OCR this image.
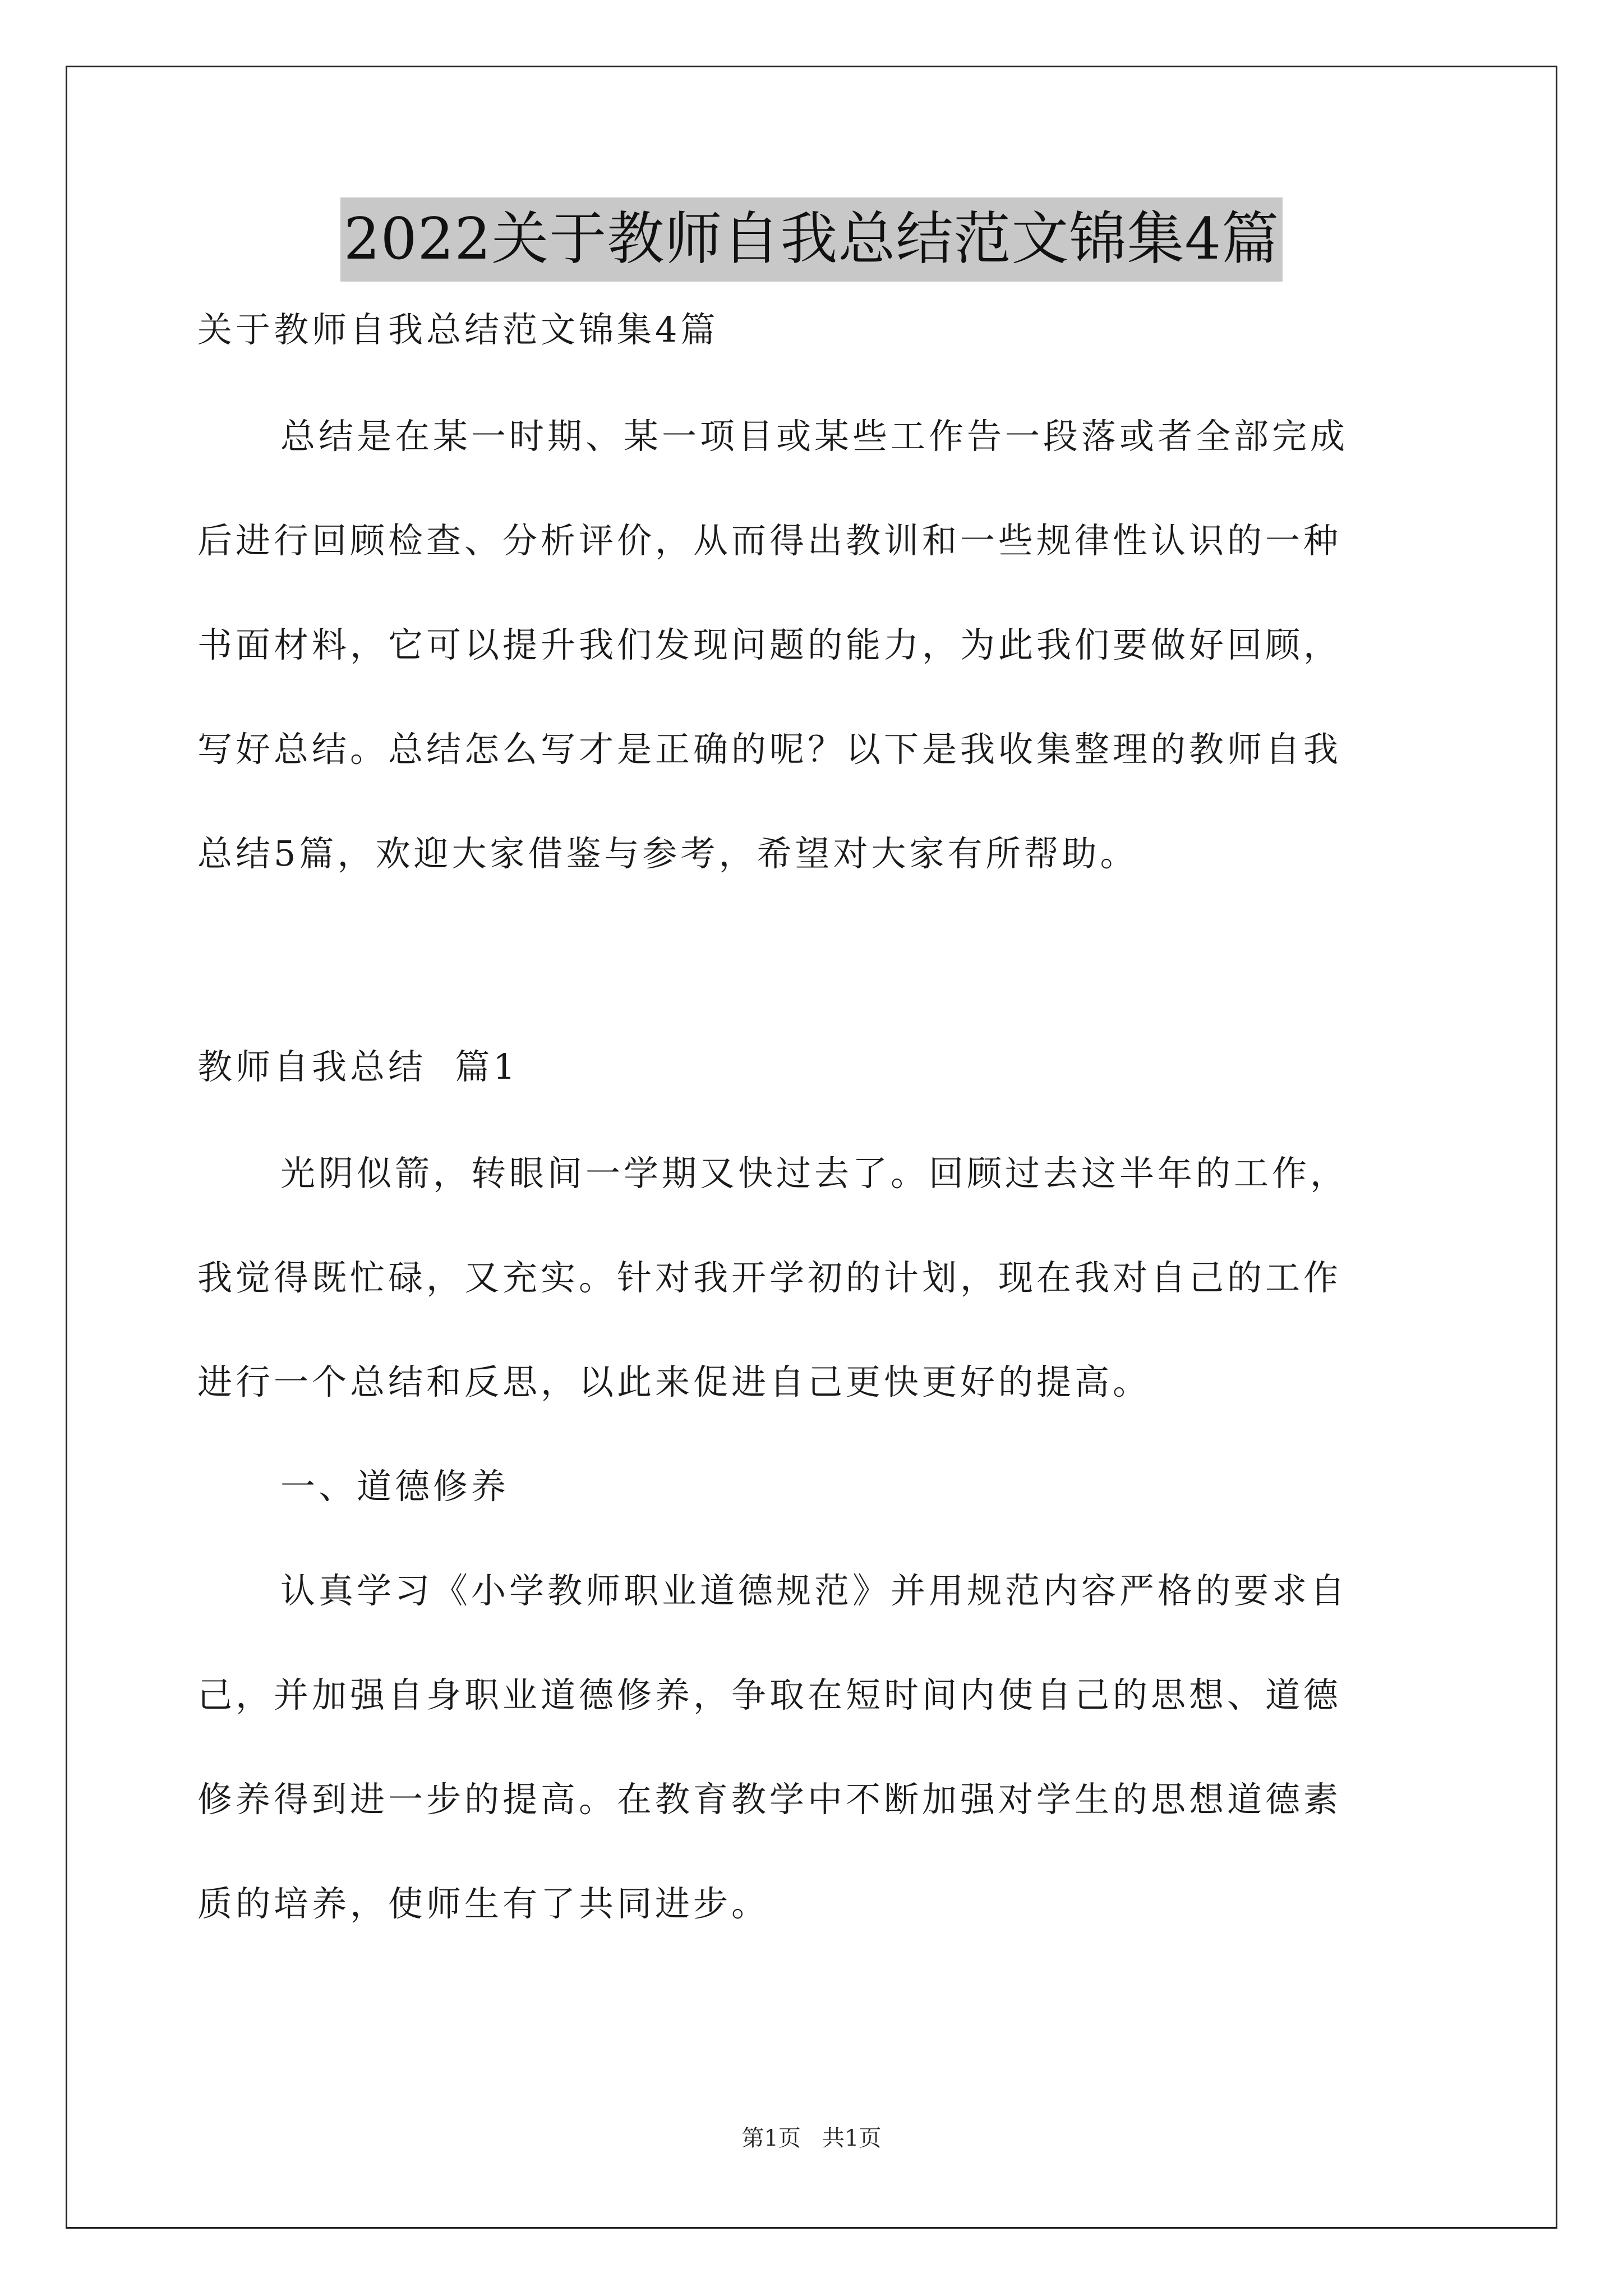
2022关于教师自我总结范文锦集4篇

关于教师自我总结范文锦集4篇

总结是在某一时期、某一项目或某些工作告一段落或者全部完成

后进行回顾检查、分析评价，从而得出教训和一些规律性认识的一种

书面材料，它可以提升我们发现问题的能力，为此我们要做好回顾，

写好总结。总结怎么写才是正确的呢？以下是我收集整理的教师自我

总结5篇，欢迎大家借鉴与参考，希望对大家有所帮助。

教师自我总结  篇1

光阴似箭，转眼间一学期又快过去了。回顾过去这半年的工作，

我觉得既忙碌，又充实。针对我开学初的计划，现在我对自己的工作

进行一个总结和反思，以此来促进自己更快更好的提高。

一、道德修养

认真学习《小学教师职业道德规范》并用规范内容严格的要求自

己，并加强自身职业道德修养，争取在短时间内使自己的思想、道德

修养得到进一步的提高。在教育教学中不断加强对学生的思想道德素

质的培养，使师生有了共同进步。

第1页   共1页
